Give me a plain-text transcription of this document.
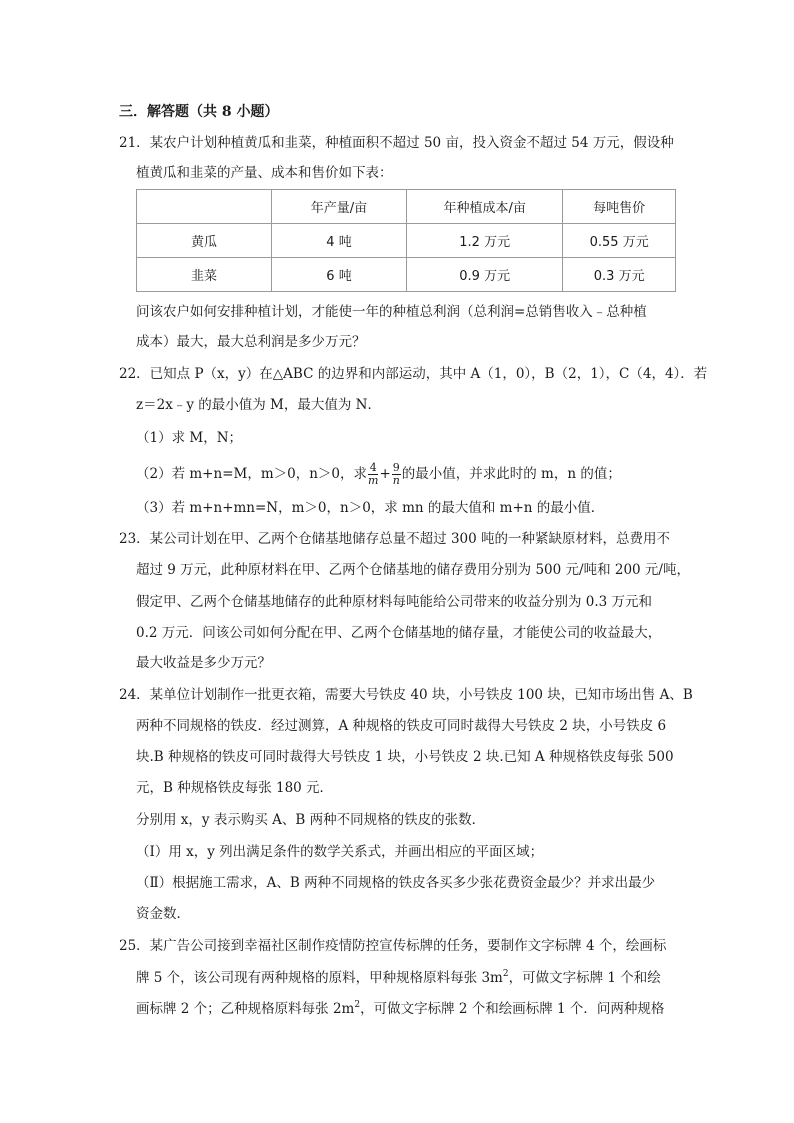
三．解答题（共 8 小题）
21．某农户计划种植黄瓜和韭菜，种植面积不超过 50 亩，投入资金不超过 54 万元，假设种
植黄瓜和韭菜的产量、成本和售价如下表：
	年产量/亩	年种植成本/亩	每吨售价
黄瓜	4 吨	1.2 万元	0.55 万元
韭菜	6 吨	0.9 万元	0.3 万元
问该农户如何安排种植计划，才能使一年的种植总利润（总利润=总销售收入﹣总种植
成本）最大，最大总利润是多少万元？
22．已知点 P（x，y）在△ABC 的边界和内部运动，其中 A（1，0），B（2，1），C（4，4）．若
z＝2x﹣y 的最小值为 M，最大值为 N．
（1）求 M，N；
（2）若 m+n=M，m＞0，n＞0，求 $\frac{4}{m} + \frac{9}{n}$ 的最小值，并求此时的 m，n 的值；
（3）若 m+n+mn=N，m＞0，n＞0，求 mn 的最大值和 m+n 的最小值．
23．某公司计划在甲、乙两个仓储基地储存总量不超过 300 吨的一种紧缺原材料，总费用不
超过 9 万元，此种原材料在甲、乙两个仓储基地的储存费用分别为 500 元/吨和 200 元/吨，
假定甲、乙两个仓储基地储存的此种原材料每吨能给公司带来的收益分别为 0.3 万元和
0.2 万元．问该公司如何分配在甲、乙两个仓储基地的储存量，才能使公司的收益最大，
最大收益是多少万元？
24．某单位计划制作一批更衣箱，需要大号铁皮 40 块，小号铁皮 100 块，已知市场出售 A、B
两种不同规格的铁皮．经过测算，A 种规格的铁皮可同时裁得大号铁皮 2 块，小号铁皮 6
块.B 种规格的铁皮可同时裁得大号铁皮 1 块，小号铁皮 2 块.已知 A 种规格铁皮每张 500
元，B 种规格铁皮每张 180 元．
分别用 x，y 表示购买 A、B 两种不同规格的铁皮的张数．
（Ⅰ）用 x，y 列出满足条件的数学关系式，并画出相应的平面区域；
（Ⅱ）根据施工需求，A、B 两种不同规格的铁皮各买多少张花费资金最少？并求出最少
资金数．
25．某广告公司接到幸福社区制作疫情防控宣传标牌的任务，要制作文字标牌 4 个，绘画标
牌 5 个，该公司现有两种规格的原料，甲种规格原料每张 $3m^2$，可做文字标牌 1 个和绘
画标牌 2 个；乙种规格原料每张 $2m^2$，可做文字标牌 2 个和绘画标牌 1 个．问两种规格
